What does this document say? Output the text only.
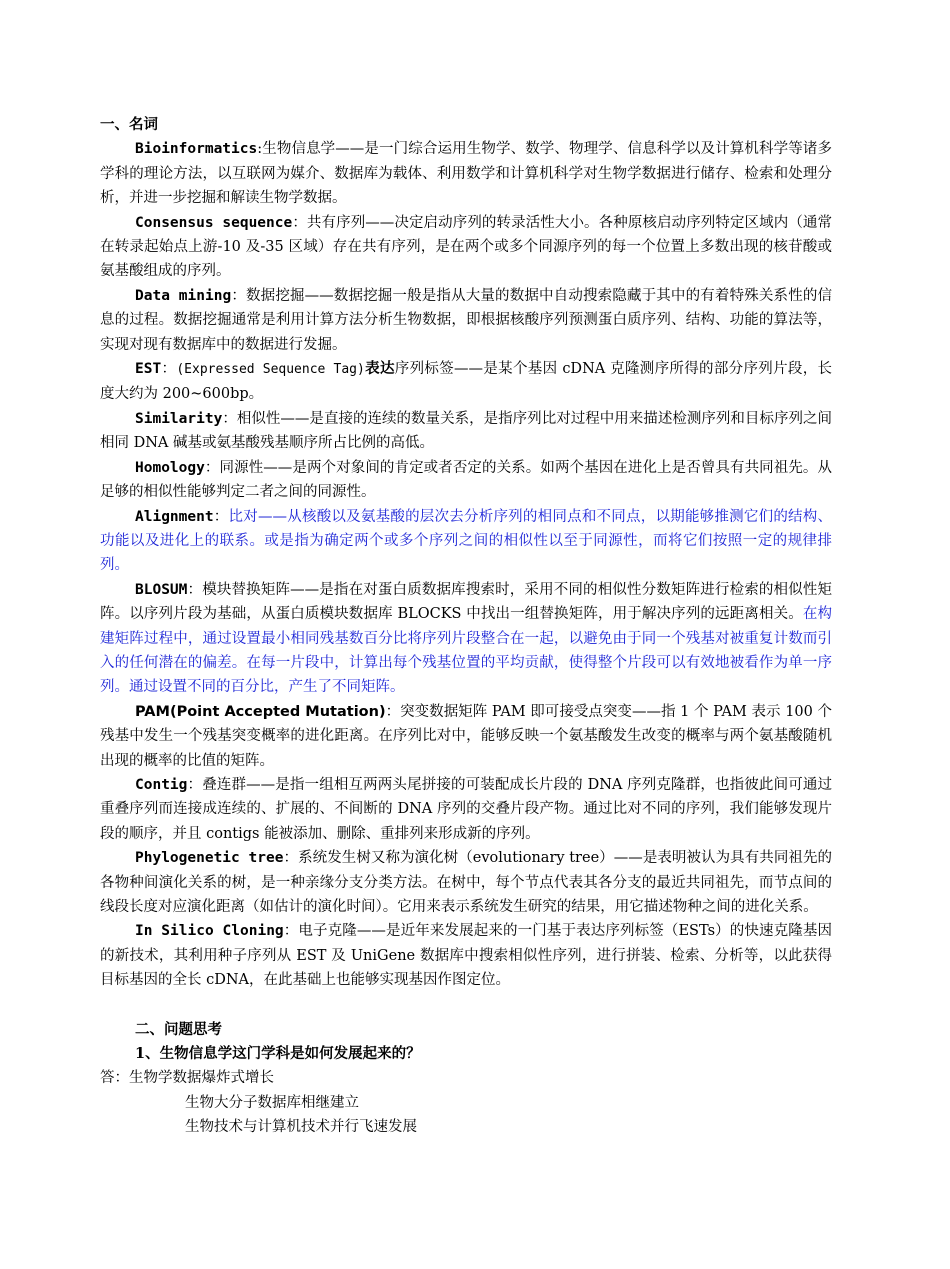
一、名词

Bioinformatics:生物信息学——是一门综合运用生物学、数学、物理学、信息科学以及计算机科学等诸多学科的理论方法，以互联网为媒介、数据库为载体、利用数学和计算机科学对生物学数据进行储存、检索和处理分析，并进一步挖掘和解读生物学数据。

Consensus sequence：共有序列——决定启动序列的转录活性大小。各种原核启动序列特定区域内（通常在转录起始点上游-10 及-35 区域）存在共有序列，是在两个或多个同源序列的每一个位置上多数出现的核苷酸或氨基酸组成的序列。

Data mining：数据挖掘——数据挖掘一般是指从大量的数据中自动搜索隐藏于其中的有着特殊关系性的信息的过程。数据挖掘通常是利用计算方法分析生物数据，即根据核酸序列预测蛋白质序列、结构、功能的算法等，实现对现有数据库中的数据进行发掘。

EST：(Expressed Sequence Tag)表达序列标签——是某个基因 cDNA 克隆测序所得的部分序列片段，长度大约为 200~600bp。

Similarity：相似性——是直接的连续的数量关系，是指序列比对过程中用来描述检测序列和目标序列之间相同 DNA 碱基或氨基酸残基顺序所占比例的高低。

Homology：同源性——是两个对象间的肯定或者否定的关系。如两个基因在进化上是否曾具有共同祖先。从足够的相似性能够判定二者之间的同源性。

Alignment：比对——从核酸以及氨基酸的层次去分析序列的相同点和不同点，以期能够推测它们的结构、功能以及进化上的联系。或是指为确定两个或多个序列之间的相似性以至于同源性，而将它们按照一定的规律排列。

BLOSUM：模块替换矩阵——是指在对蛋白质数据库搜索时，采用不同的相似性分数矩阵进行检索的相似性矩阵。以序列片段为基础，从蛋白质模块数据库 BLOCKS 中找出一组替换矩阵，用于解决序列的远距离相关。在构建矩阵过程中，通过设置最小相同残基数百分比将序列片段整合在一起，以避免由于同一个残基对被重复计数而引入的任何潜在的偏差。在每一片段中，计算出每个残基位置的平均贡献，使得整个片段可以有效地被看作为单一序列。通过设置不同的百分比，产生了不同矩阵。

PAM(Point Accepted Mutation)：突变数据矩阵 PAM 即可接受点突变——指 1 个 PAM 表示 100 个残基中发生一个残基突变概率的进化距离。在序列比对中，能够反映一个氨基酸发生改变的概率与两个氨基酸随机出现的概率的比值的矩阵。

Contig：叠连群——是指一组相互两两头尾拼接的可装配成长片段的 DNA 序列克隆群，也指彼此间可通过重叠序列而连接成连续的、扩展的、不间断的 DNA 序列的交叠片段产物。通过比对不同的序列，我们能够发现片段的顺序，并且 contigs 能被添加、删除、重排列来形成新的序列。

Phylogenetic tree：系统发生树又称为演化树（evolutionary tree）——是表明被认为具有共同祖先的各物种间演化关系的树，是一种亲缘分支分类方法。在树中，每个节点代表其各分支的最近共同祖先，而节点间的线段长度对应演化距离（如估计的演化时间）。它用来表示系统发生研究的结果，用它描述物种之间的进化关系。

In Silico Cloning：电子克隆——是近年来发展起来的一门基于表达序列标签（ESTs）的快速克隆基因的新技术，其利用种子序列从 EST 及 UniGene 数据库中搜索相似性序列，进行拼装、检索、分析等，以此获得目标基因的全长 cDNA，在此基础上也能够实现基因作图定位。

二、问题思考

1、生物信息学这门学科是如何发展起来的？

答：生物学数据爆炸式增长

生物大分子数据库相继建立

生物技术与计算机技术并行飞速发展
